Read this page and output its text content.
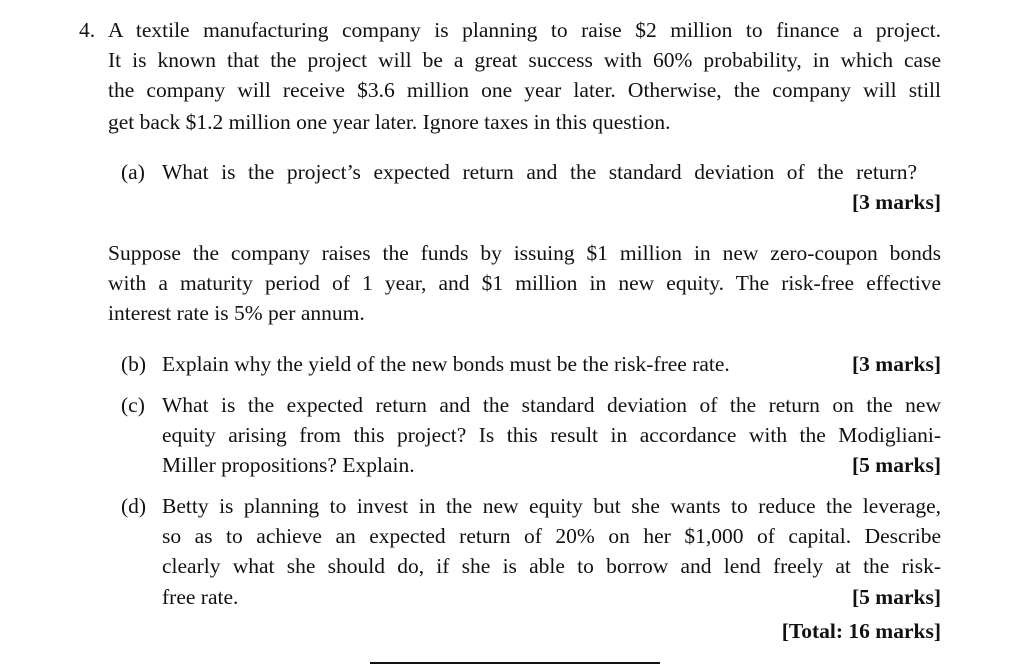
4. A textile manufacturing company is planning to raise $2 million to finance a project.
It is known that the project will be a great success with 60% probability, in which case
the company will receive $3.6 million one year later. Otherwise, the company will still
get back $1.2 million one year later. Ignore taxes in this question.
(a) What is the project’s expected return and the standard deviation of the return?
[3 marks]
Suppose the company raises the funds by issuing $1 million in new zero-coupon bonds
with a maturity period of 1 year, and $1 million in new equity. The risk-free effective
interest rate is 5% per annum.
(b) Explain why the yield of the new bonds must be the risk-free rate.	[3 marks]
(c) What is the expected return and the standard deviation of the return on the new
equity arising from this project? Is this result in accordance with the Modigliani-
Miller propositions? Explain.	[5 marks]
(d) Betty is planning to invest in the new equity but she wants to reduce the leverage,
so as to achieve an expected return of 20% on her $1,000 of capital. Describe
clearly what she should do, if she is able to borrow and lend freely at the risk-
free rate.	[5 marks]
[Total: 16 marks]
